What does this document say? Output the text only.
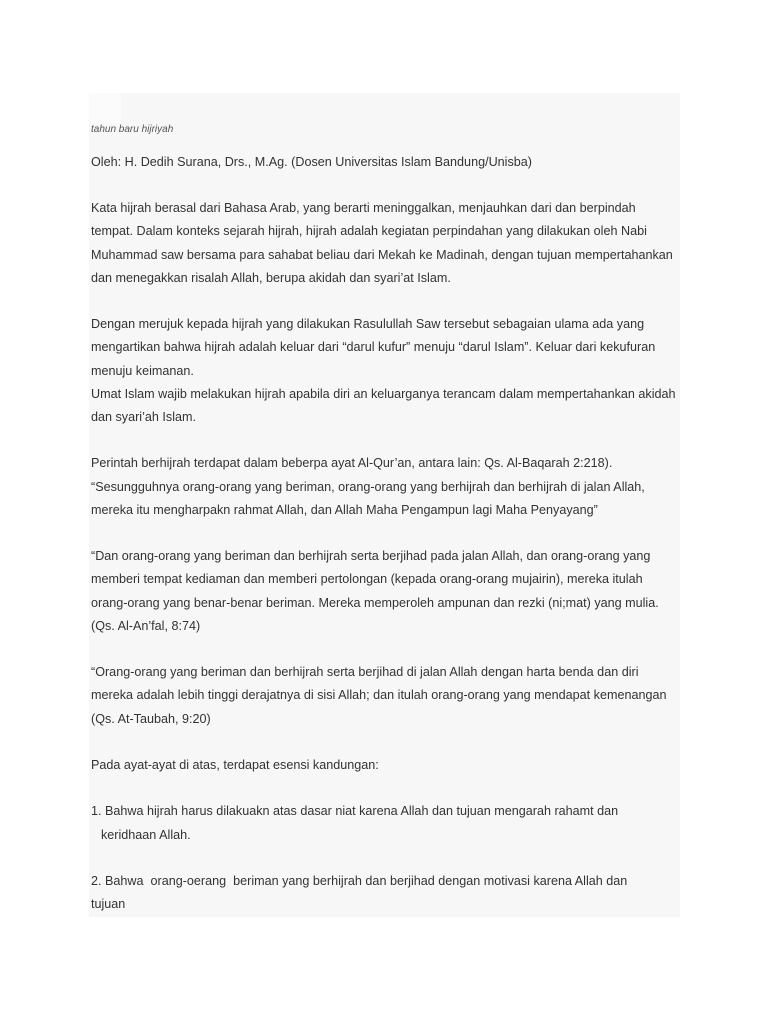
tahun baru hijriyah

Oleh: H. Dedih Surana, Drs., M.Ag. (Dosen Universitas Islam Bandung/Unisba)

Kata hijrah berasal dari Bahasa Arab, yang berarti meninggalkan, menjauhkan dari dan berpindah tempat. Dalam konteks sejarah hijrah, hijrah adalah kegiatan perpindahan yang dilakukan oleh Nabi Muhammad saw bersama para sahabat beliau dari Mekah ke Madinah, dengan tujuan mempertahankan dan menegakkan risalah Allah, berupa akidah dan syari’at Islam.

Dengan merujuk kepada hijrah yang dilakukan Rasulullah Saw tersebut sebagaian ulama ada yang mengartikan bahwa hijrah adalah keluar dari “darul kufur” menuju “darul Islam”. Keluar dari kekufuran menuju keimanan.

Umat Islam wajib melakukan hijrah apabila diri an keluarganya terancam dalam mempertahankan akidah dan syari’ah Islam.

Perintah berhijrah terdapat dalam beberpa ayat Al-Qur’an, antara lain: Qs. Al-Baqarah 2:218).

“Sesungguhnya orang-orang yang beriman, orang-orang yang berhijrah dan berhijrah di jalan Allah, mereka itu mengharpakn rahmat Allah, dan Allah Maha Pengampun lagi Maha Penyayang”

“Dan orang-orang yang beriman dan berhijrah serta berjihad pada jalan Allah, dan orang-orang yang memberi tempat kediaman dan memberi pertolongan (kepada orang-orang mujairin), mereka itulah orang-orang yang benar-benar beriman. Mereka memperoleh ampunan dan rezki (ni;mat) yang mulia. (Qs. Al-An’fal, 8:74)

“Orang-orang yang beriman dan berhijrah serta berjihad di jalan Allah dengan harta benda dan diri mereka adalah lebih tinggi derajatnya di sisi Allah; dan itulah orang-orang yang mendapat kemenangan (Qs. At-Taubah, 9:20)

Pada ayat-ayat di atas, terdapat esensi kandungan:

1. Bahwa hijrah harus dilakuakn atas dasar niat karena Allah dan tujuan mengarah rahamt dan

keridhaan Allah.

2. Bahwa  orang-oerang  beriman yang berhijrah dan berjihad dengan motivasi karena Allah dan

tujuan
